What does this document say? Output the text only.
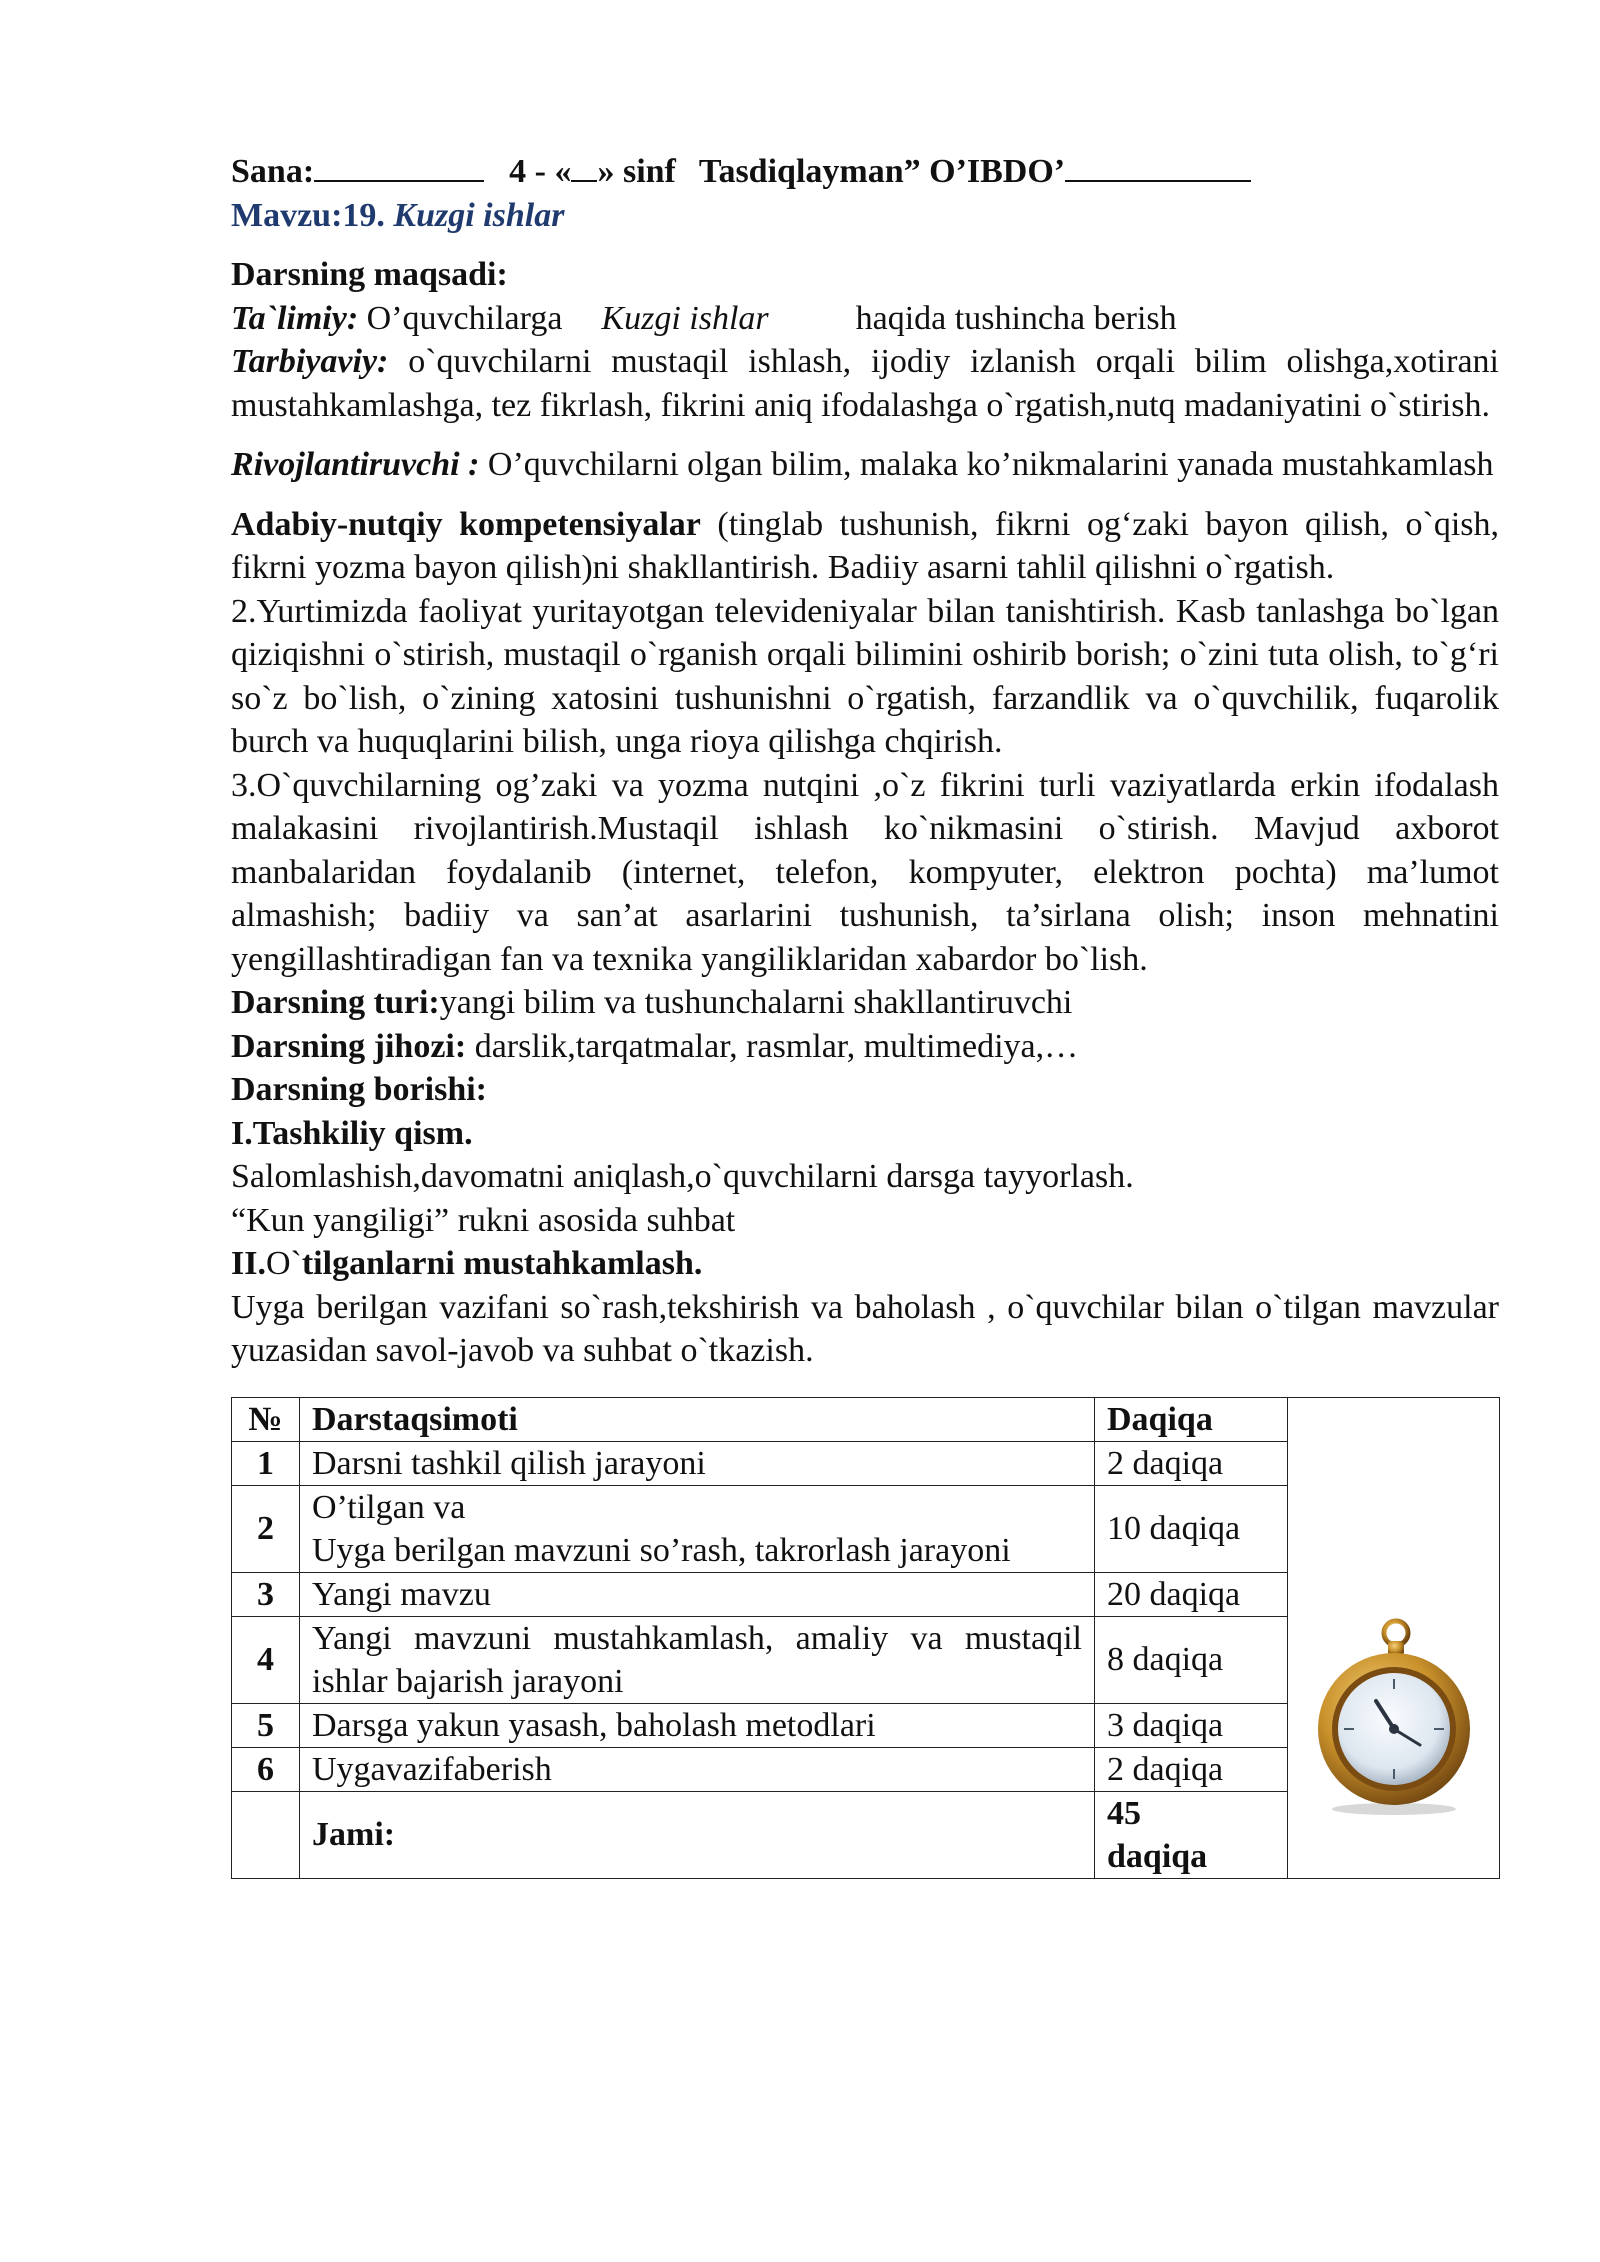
Sana:	4 - « » sinf Tasdiqlayman” O’IBDO’

Mavzu:19. Kuzgi ishlar

Darsning maqsadi:

Ta`limiy: O’quvchilarga Kuzgi ishlar	haqida tushincha berish

Tarbiyaviy: o`quvchilarni mustaqil ishlash, ijodiy izlanish orqali bilim olishga,xotirani mustahkamlashga, tez fikrlash, fikrini aniq ifodalashga o`rgatish,nutq madaniyatini o`stirish.

Rivojlantiruvchi : O’quvchilarni olgan bilim, malaka ko’nikmalarini yanada mustahkamlash

Adabiy-nutqiy kompetensiyalar (tinglab tushunish, fikrni og‘zaki bayon qilish, o`qish, fikrni yozma bayon qilish)ni shakllantirish. Badiiy asarni tahlil qilishni o`rgatish.

2.Yurtimizda faoliyat yuritayotgan televideniyalar bilan tanishtirish. Kasb tanlashga bo`lgan qiziqishni o`stirish, mustaqil o`rganish orqali bilimini oshirib borish; o`zini tuta olish, to`g‘ri so`z bo`lish, o`zining xatosini tushunishni o`rgatish, farzandlik va o`quvchilik, fuqarolik burch va huquqlarini bilish, unga rioya qilishga chqirish.

3.O`quvchilarning og’zaki va yozma nutqini ,o`z fikrini turli vaziyatlarda erkin ifodalash malakasini rivojlantirish.Mustaqil ishlash ko`nikmasini o`stirish. Mavjud axborot manbalaridan foydalanib (internet, telefon, kompyuter, elektron pochta) ma’lumot almashish; badiiy va san’at asarlarini tushunish, ta’sirlana olish; inson mehnatini yengillashtiradigan fan va texnika yangiliklaridan xabardor bo`lish.

Darsning turi:yangi bilim va tushunchalarni shakllantiruvchi

Darsning jihozi: darslik,tarqatmalar, rasmlar, multimediya,…

Darsning borishi:

I.Tashkiliy qism.

Salomlashish,davomatni aniqlash,o`quvchilarni darsga tayyorlash.

“Kun yangiligi” rukni asosida suhbat

II.O`tilganlarni mustahkamlash.

Uyga berilgan vazifani so`rash,tekshirish va baholash , o`quvchilar bilan o`tilgan mavzular yuzasidan savol-javob va suhbat o`tkazish.

№	Darstaqsimoti	Daqiqa	
1	Darsni tashkil qilish jarayoni	2 daqiqa	
2	O’tilgan va
Uyga berilgan mavzuni so’rash, takrorlash jarayoni	10 daqiqa	
3	Yangi mavzu	20 daqiqa	
4	Yangi mavzuni mustahkamlash, amaliy va mustaqil ishlar bajarish jarayoni	8 daqiqa	
5	Darsga yakun yasash, baholash metodlari	3 daqiqa	
6	Uygavazifaberish	2 daqiqa	
	Jami:	45
daqiqa	
